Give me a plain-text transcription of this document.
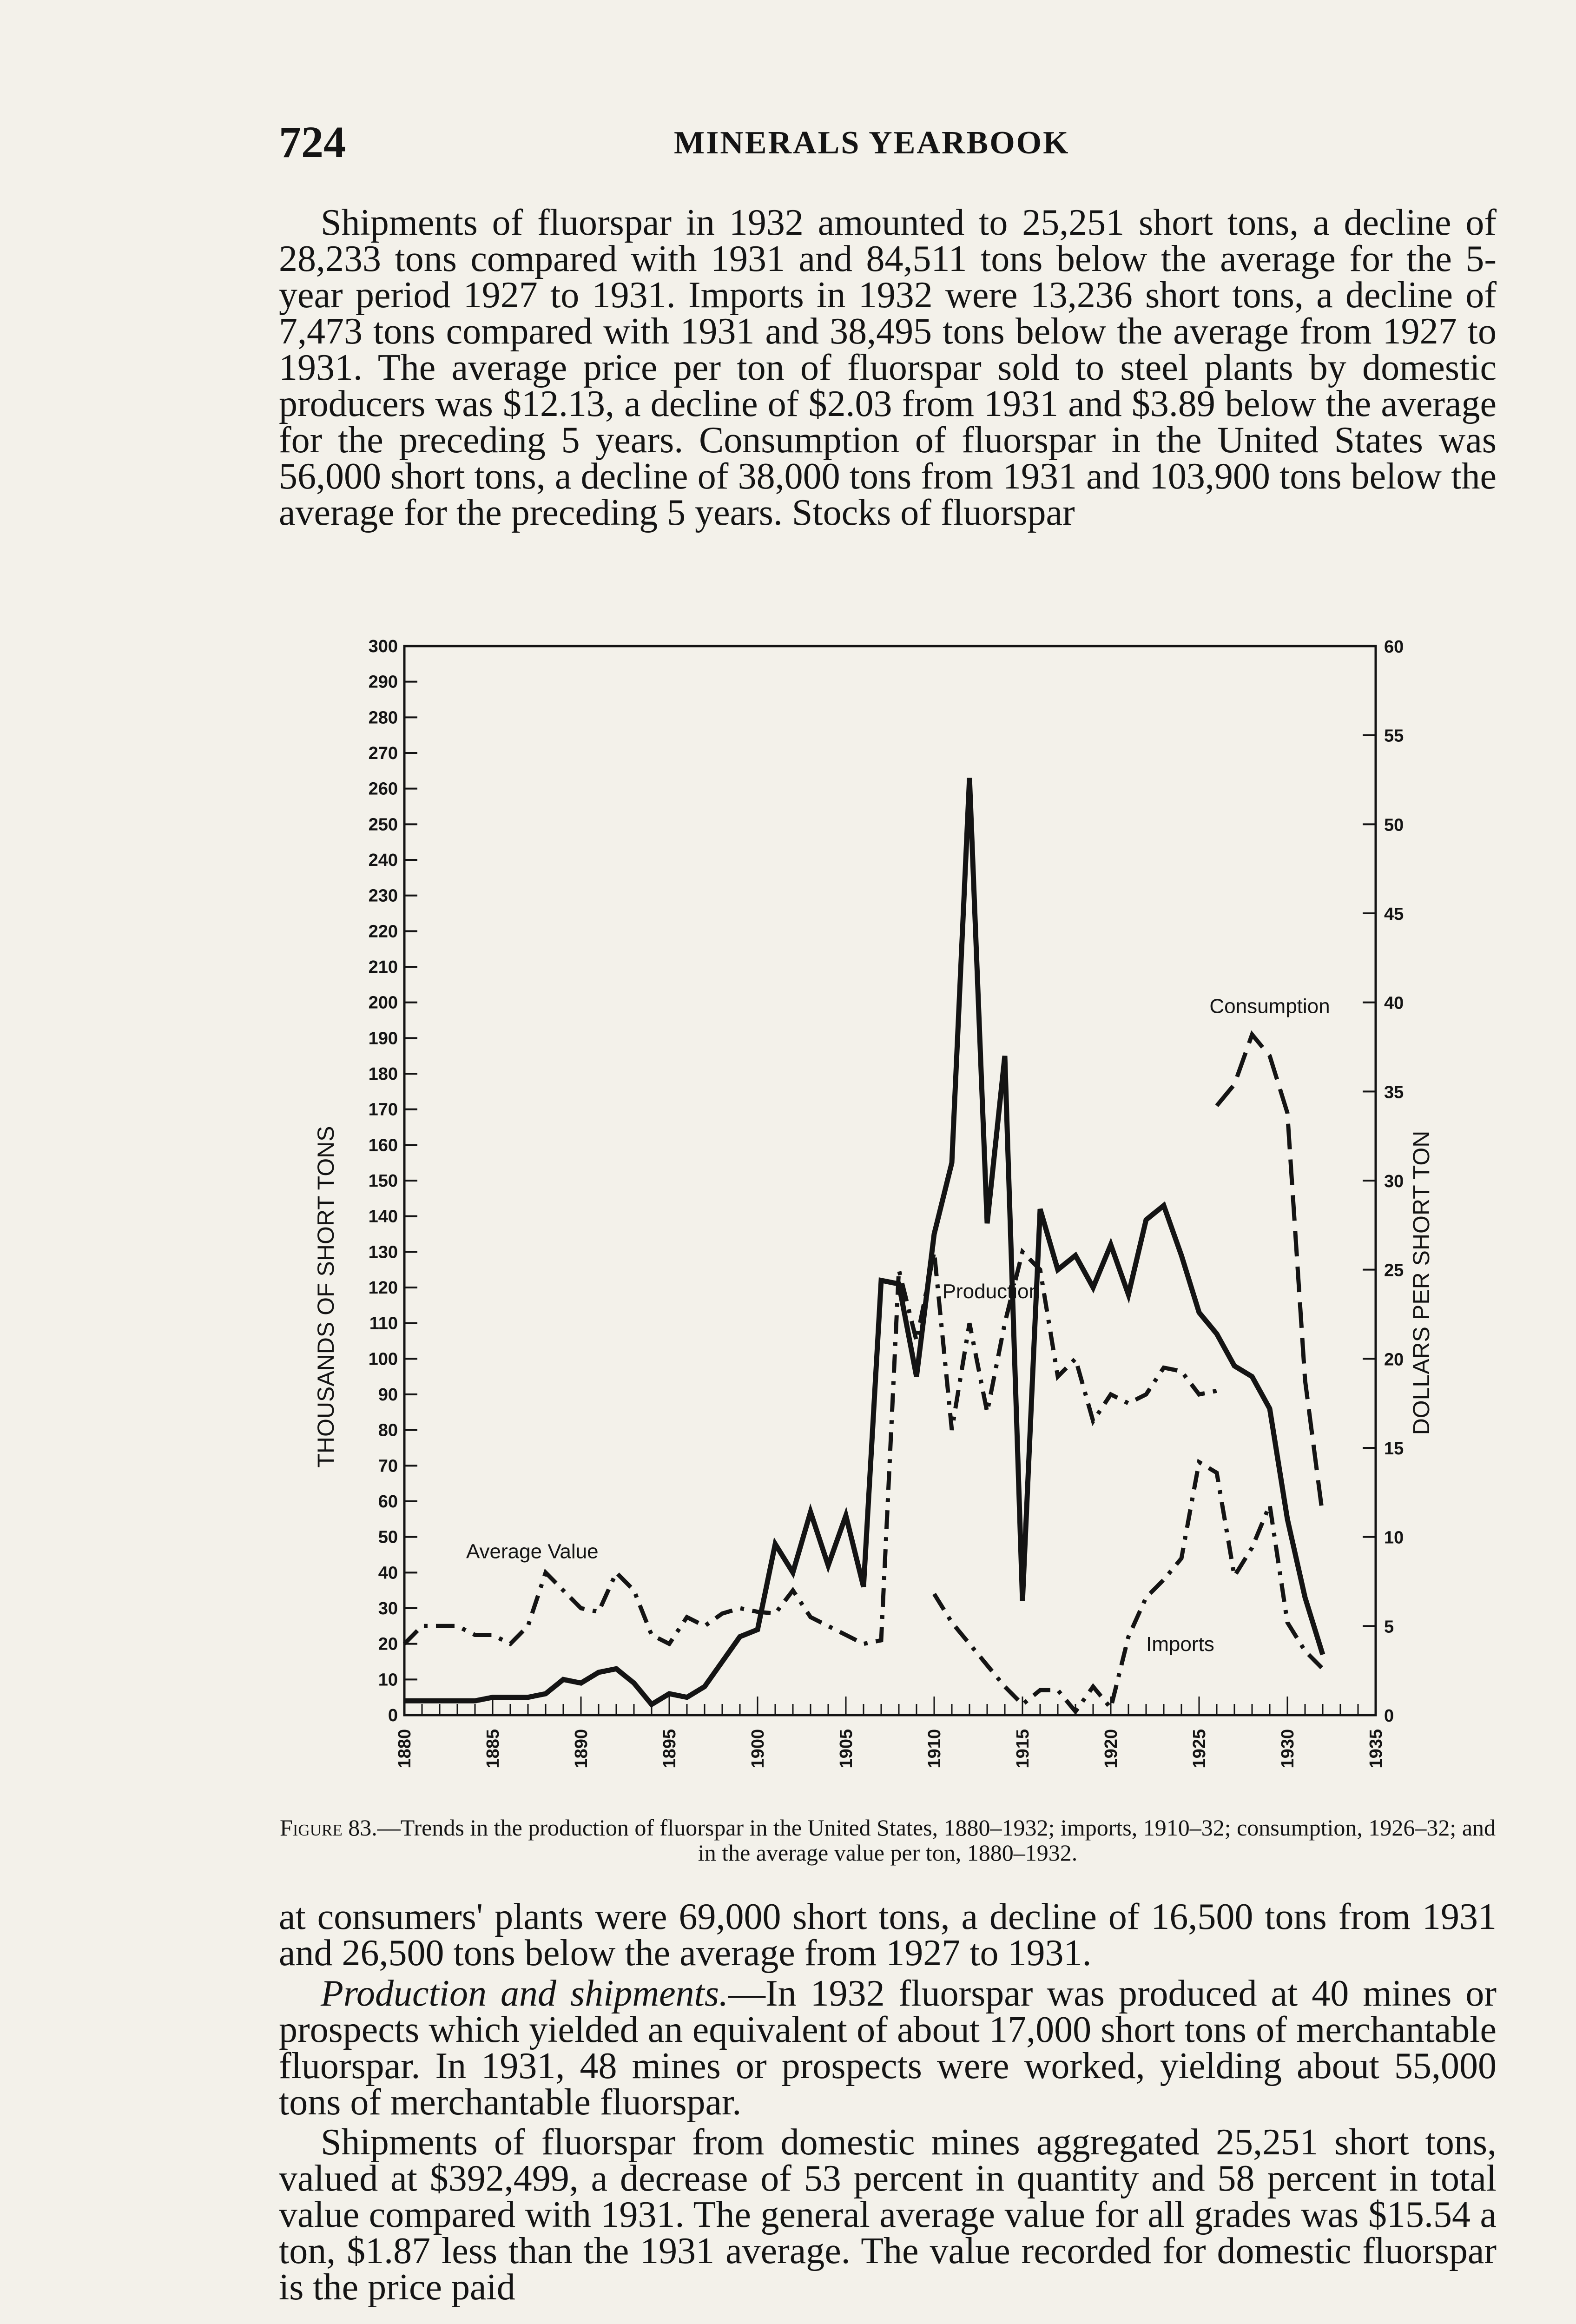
724	MINERALS YEARBOOK

Shipments of fluorspar in 1932 amounted to 25,251 short tons, a decline of 28,233 tons compared with 1931 and 84,511 tons below the average for the 5-year period 1927 to 1931. Imports in 1932 were 13,236 short tons, a decline of 7,473 tons compared with 1931 and 38,495 tons below the average from 1927 to 1931. The average price per ton of fluorspar sold to steel plants by domestic producers was $12.13, a decline of $2.03 from 1931 and $3.89 below the average for the preceding 5 years. Consumption of fluorspar in the United States was 56,000 short tons, a decline of 38,000 tons from 1931 and 103,900 tons below the average for the preceding 5 years. Stocks of fluorspar

0
10
20
30
40
50
60
70
80
90
100
110
120
130
140
150
160
170
180
190
200
210
220
230
240
250
260
270
280
290
300
0
5
10
15
20
25
30
35
40
45
50
55
60
1880	1885	1890	1895	1900	1905	1910	1915	1920	1925	1930	1935
THOUSANDS OF SHORT TONS	DOLLARS PER SHORT TON
Production
Imports
Consumption
Average Value

Figure 83.—Trends in the production of fluorspar in the United States, 1880–1932; imports, 1910–32; consumption, 1926–32; and in the average value per ton, 1880–1932.

at consumers' plants were 69,000 short tons, a decline of 16,500 tons from 1931 and 26,500 tons below the average from 1927 to 1931.

Production and shipments.—In 1932 fluorspar was produced at 40 mines or prospects which yielded an equivalent of about 17,000 short tons of merchantable fluorspar. In 1931, 48 mines or prospects were worked, yielding about 55,000 tons of merchantable fluorspar.

Shipments of fluorspar from domestic mines aggregated 25,251 short tons, valued at $392,499, a decrease of 53 percent in quantity and 58 percent in total value compared with 1931. The general average value for all grades was $15.54 a ton, $1.87 less than the 1931 average. The value recorded for domestic fluorspar is the price paid
